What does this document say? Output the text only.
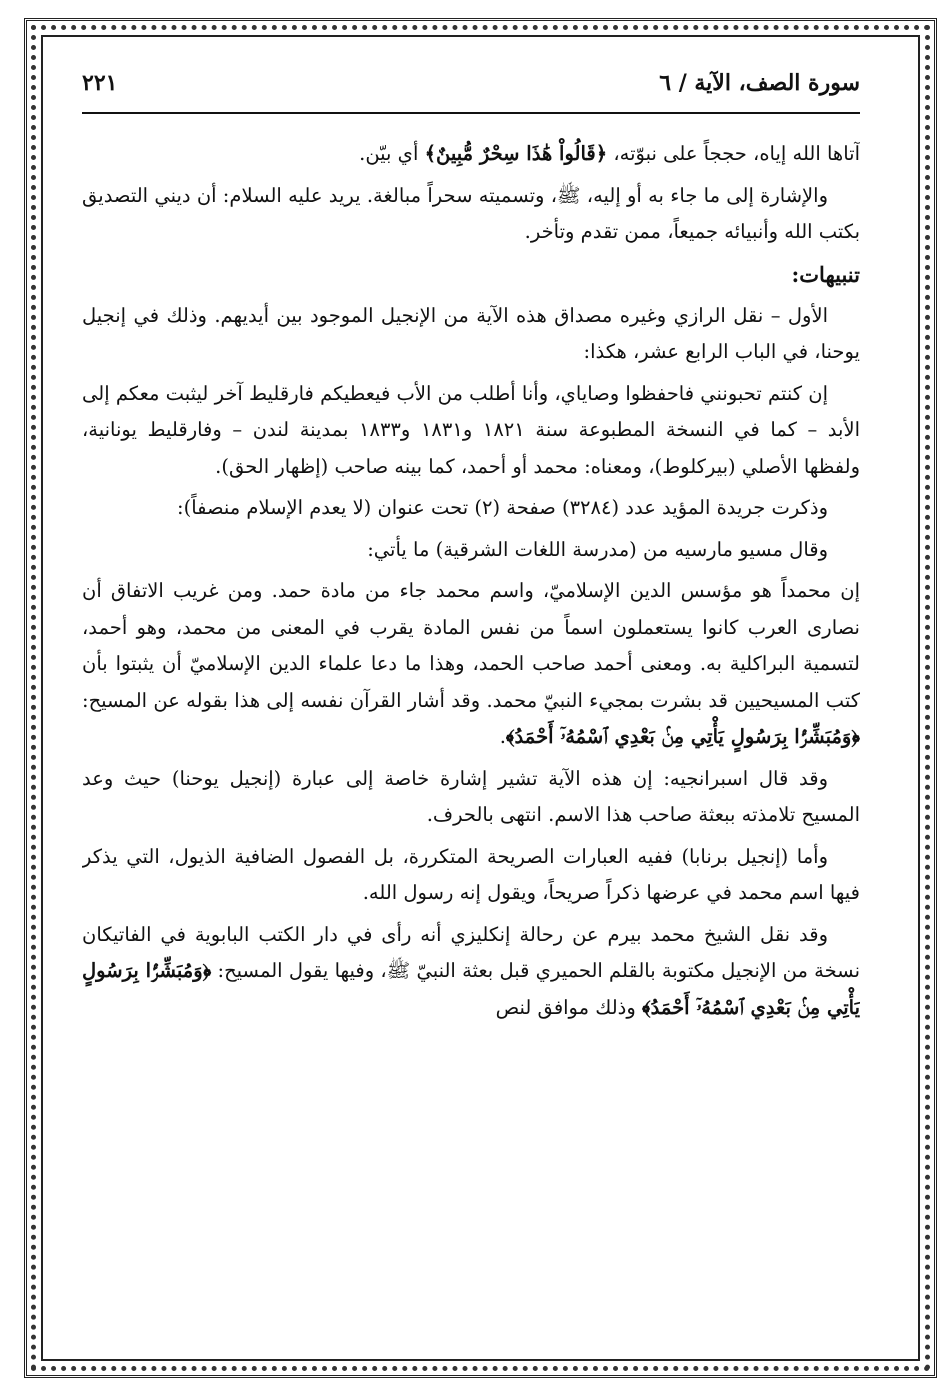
سورة الصف، الآية / ٦
٢٢١

آتاها الله إياه، حججاً على نبوّته، ﴿قَالُواْ هَٰذَا سِحْرٌ مُّبِينٌ﴾ أي بيّن.

والإشارة إلى ما جاء به أو إليه، ﷺ، وتسميته سحراً مبالغة. يريد عليه السلام: أن ديني التصديق بكتب الله وأنبيائه جميعاً، ممن تقدم وتأخر.

تنبيهات:

الأول – نقل الرازي وغيره مصداق هذه الآية من الإنجيل الموجود بين أيديهم. وذلك في إنجيل يوحنا، في الباب الرابع عشر، هكذا:

إن كنتم تحبونني فاحفظوا وصاياي، وأنا أطلب من الأب فيعطيكم فارقليط آخر ليثبت معكم إلى الأبد – كما في النسخة المطبوعة سنة ١٨٢١ و١٨٣١ و١٨٣٣ بمدينة لندن – وفارقليط يونانية، ولفظها الأصلي (بيركلوط)، ومعناه: محمد أو أحمد، كما بينه صاحب (إظهار الحق).

وذكرت جريدة المؤيد عدد (٣٢٨٤) صفحة (٢) تحت عنوان (لا يعدم الإسلام منصفاً):

وقال مسيو مارسيه من (مدرسة اللغات الشرقية) ما يأتي:

إن محمداً هو مؤسس الدين الإسلاميّ، واسم محمد جاء من مادة حمد. ومن غريب الاتفاق أن نصارى العرب كانوا يستعملون اسماً من نفس المادة يقرب في المعنى من محمد، وهو أحمد، لتسمية البراكلية به. ومعنى أحمد صاحب الحمد، وهذا ما دعا علماء الدين الإسلاميّ أن يثبتوا بأن كتب المسيحيين قد بشرت بمجيء النبيّ محمد. وقد أشار القرآن نفسه إلى هذا بقوله عن المسيح: ﴿وَمُبَشِّرًۢا بِرَسُولٍ يَأْتِي مِنۢ بَعْدِي ٱسْمُهُۥٓ أَحْمَدُ﴾.

وقد قال اسبرانجيه: إن هذه الآية تشير إشارة خاصة إلى عبارة (إنجيل يوحنا) حيث وعد المسيح تلامذته ببعثة صاحب هذا الاسم. انتهى بالحرف.

وأما (إنجيل برنابا) ففيه العبارات الصريحة المتكررة، بل الفصول الضافية الذيول، التي يذكر فيها اسم محمد في عرضها ذكراً صريحاً، ويقول إنه رسول الله.

وقد نقل الشيخ محمد بيرم عن رحالة إنكليزي أنه رأى في دار الكتب البابوية في الفاتيكان نسخة من الإنجيل مكتوبة بالقلم الحميري قبل بعثة النبيّ ﷺ، وفيها يقول المسيح: ﴿وَمُبَشِّرًۢا بِرَسُولٍ يَأْتِي مِنۢ بَعْدِي ٱسْمُهُۥٓ أَحْمَدُ﴾ وذلك موافق لنص
